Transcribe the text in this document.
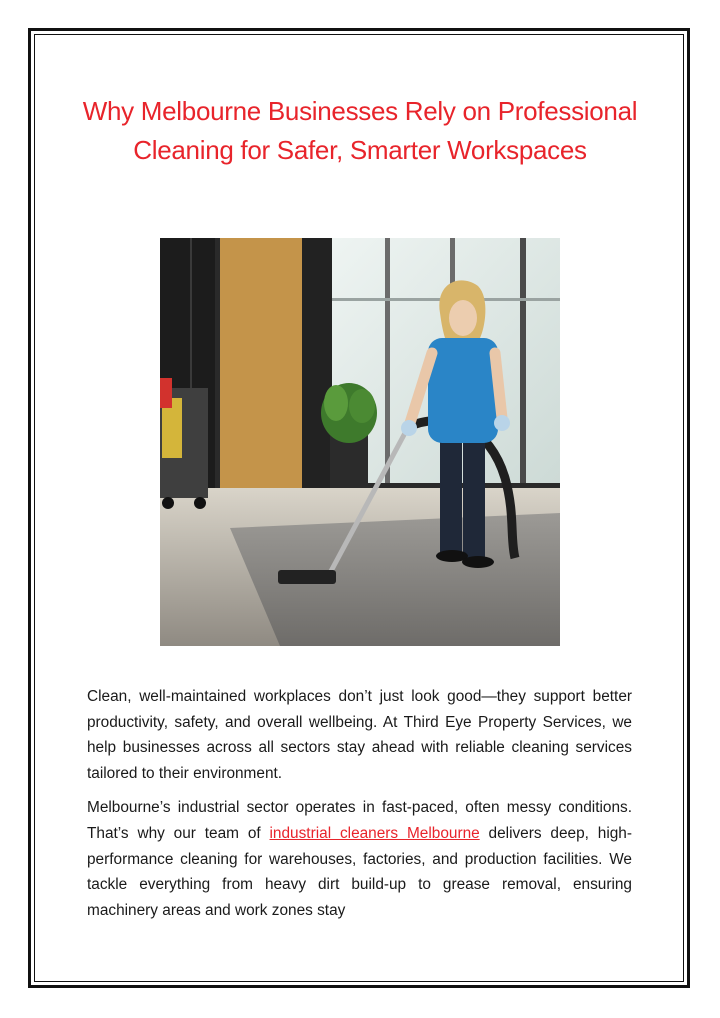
Why Melbourne Businesses Rely on Professional Cleaning for Safer, Smarter Workspaces

Clean, well-maintained workplaces don’t just look good—they support better productivity, safety, and overall wellbeing. At Third Eye Property Services, we help businesses across all sectors stay ahead with reliable cleaning services tailored to their environment.

Melbourne’s industrial sector operates in fast-paced, often messy conditions. That’s why our team of industrial cleaners Melbourne delivers deep, high-performance cleaning for warehouses, factories, and production facilities. We tackle everything from heavy dirt build-up to grease removal, ensuring machinery areas and work zones stay
